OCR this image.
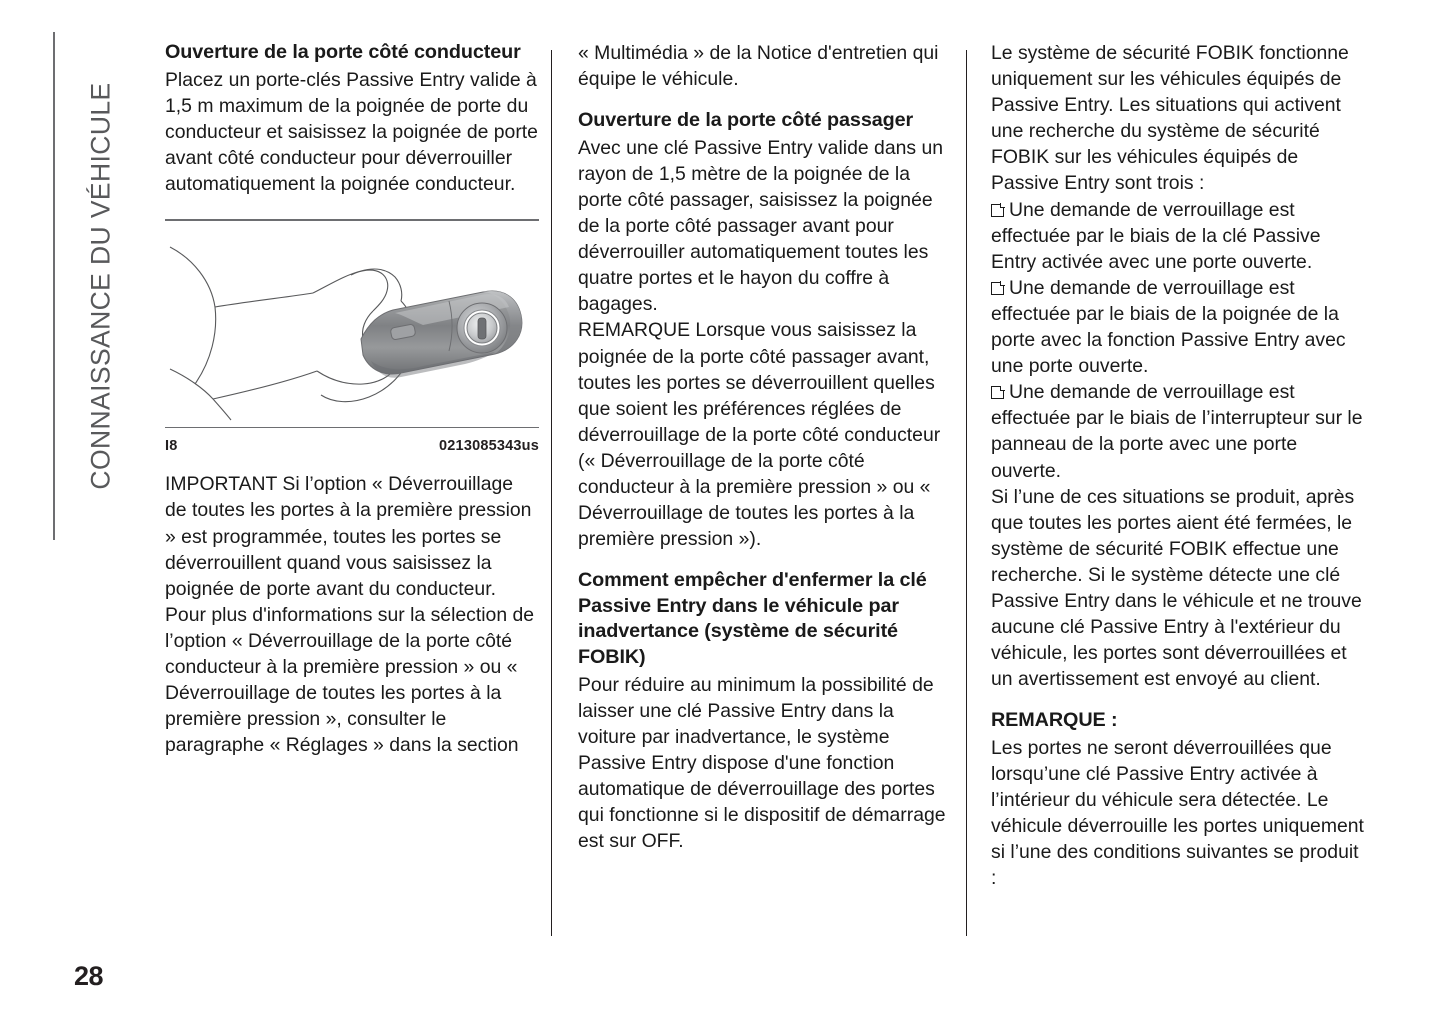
CONNAISSANCE DU VÉHICULE
Ouverture de la porte côté conducteur

Placez un porte-clés Passive Entry valide à 1,5 m maximum de la poignée de porte du conducteur et saisissez la poignée de porte avant côté conducteur pour déverrouiller automatiquement la poignée conducteur.

I8	0213085343us

IMPORTANT Si l’option « Déverrouillage de toutes les portes à la première pression » est programmée, toutes les portes se déverrouillent quand vous saisissez la poignée de porte avant du conducteur. Pour plus d'informations sur la sélection de l’option « Déverrouillage de la porte côté conducteur à la première pression » ou « Déverrouillage de toutes les portes à la première pression », consulter le paragraphe « Réglages » dans la section

« Multimédia » de la Notice d'entretien qui équipe le véhicule.

Ouverture de la porte côté passager

Avec une clé Passive Entry valide dans un rayon de 1,5 mètre de la poignée de la porte côté passager, saisissez la poignée de la porte côté passager avant pour déverrouiller automatiquement toutes les quatre portes et le hayon du coffre à bagages.

REMARQUE Lorsque vous saisissez la poignée de la porte côté passager avant, toutes les portes se déverrouillent quelles que soient les préférences réglées de déverrouillage de la porte côté conducteur (« Déverrouillage de la porte côté conducteur à la première pression » ou « Déverrouillage de toutes les portes à la première pression »).

Comment empêcher d'enfermer la clé Passive Entry dans le véhicule par inadvertance (système de sécurité FOBIK)

Pour réduire au minimum la possibilité de laisser une clé Passive Entry dans la voiture par inadvertance, le système Passive Entry dispose d'une fonction automatique de déverrouillage des portes qui fonctionne si le dispositif de démarrage est sur OFF.

Le système de sécurité FOBIK fonctionne uniquement sur les véhicules équipés de Passive Entry. Les situations qui activent une recherche du système de sécurité FOBIK sur les véhicules équipés de Passive Entry sont trois :

Une demande de verrouillage est effectuée par le biais de la clé Passive Entry activée avec une porte ouverte.

Une demande de verrouillage est effectuée par le biais de la poignée de la porte avec la fonction Passive Entry avec une porte ouverte.

Une demande de verrouillage est effectuée par le biais de l’interrupteur sur le panneau de la porte avec une porte ouverte.

Si l’une de ces situations se produit, après que toutes les portes aient été fermées, le système de sécurité FOBIK effectue une recherche. Si le système détecte une clé Passive Entry dans le véhicule et ne trouve aucune clé Passive Entry à l'extérieur du véhicule, les portes sont déverrouillées et un avertissement est envoyé au client.

REMARQUE :

Les portes ne seront déverrouillées que lorsqu’une clé Passive Entry activée à l’intérieur du véhicule sera détectée. Le véhicule déverrouille les portes uniquement si l’une des conditions suivantes se produit :

28
